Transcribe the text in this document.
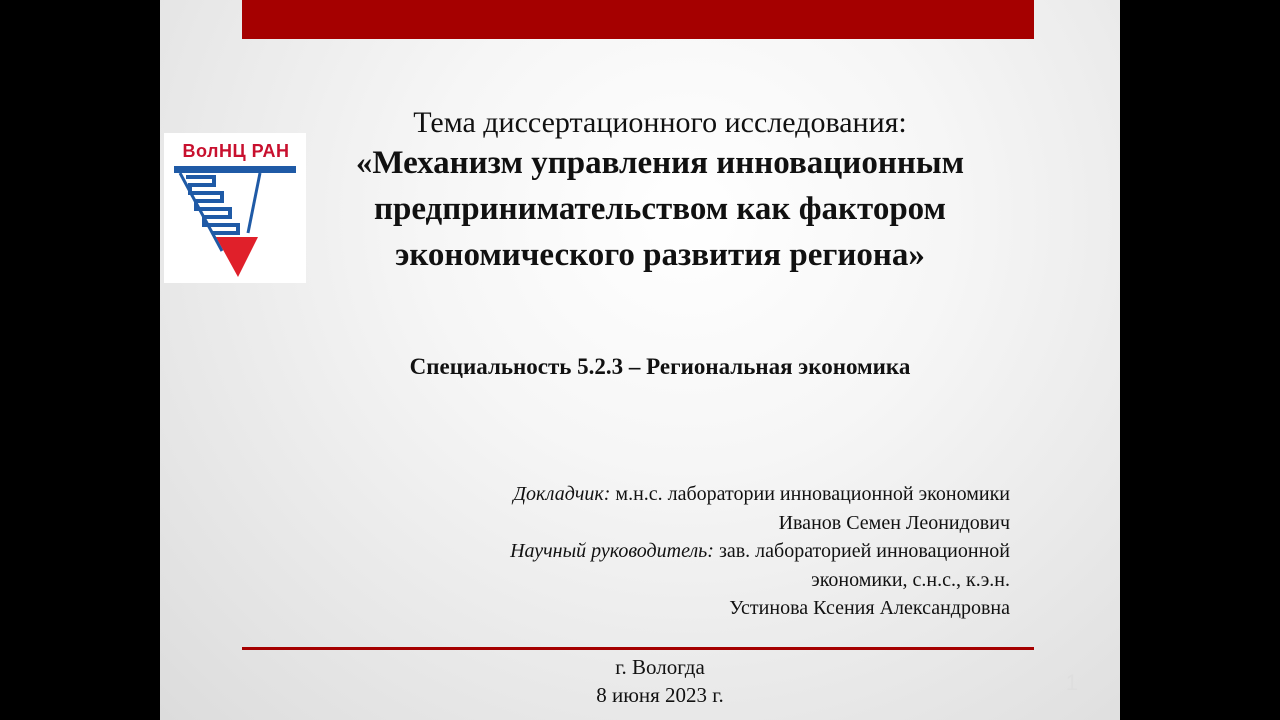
ВолНЦ РАН
Тема диссертационного исследования:
«Механизм управления инновационным
предпринимательством как фактором
экономического развития региона»
Специальность 5.2.3 – Региональная экономика
Докладчик: м.н.с. лаборатории инновационной экономики
Иванов Семен Леонидович
Научный руководитель: зав. лабораторией инновационной
экономики, с.н.с., к.э.н.
Устинова Ксения Александровна
г. Вологда
8 июня 2023 г.	1
